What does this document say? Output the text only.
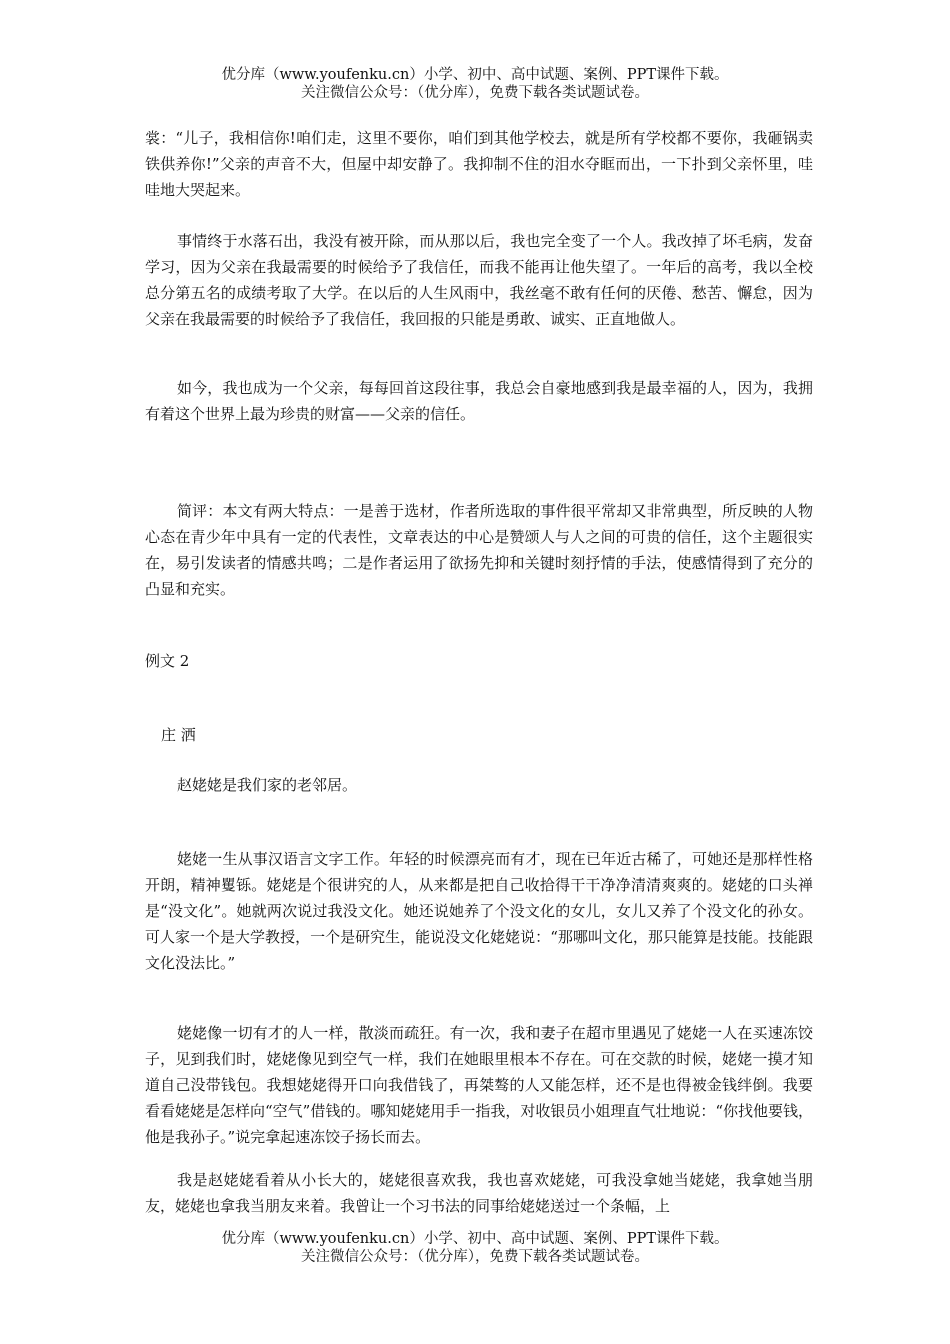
优分库（www.youfenku.cn）小学、初中、高中试题、案例、PPT课件下载。
关注微信公众号：（优分库），免费下载各类试题试卷。

裳：“儿子，我相信你!咱们走，这里不要你，咱们到其他学校去，就是所有学校都不要你，我砸锅卖铁供养你!”父亲的声音不大，但屋中却安静了。我抑制不住的泪水夺眶而出，一下扑到父亲怀里，哇哇地大哭起来。

事情终于水落石出，我没有被开除，而从那以后，我也完全变了一个人。我改掉了坏毛病，发奋学习，因为父亲在我最需要的时候给予了我信任，而我不能再让他失望了。一年后的高考，我以全校总分第五名的成绩考取了大学。在以后的人生风雨中，我丝毫不敢有任何的厌倦、愁苦、懈怠，因为父亲在我最需要的时候给予了我信任，我回报的只能是勇敢、诚实、正直地做人。

如今，我也成为一个父亲，每每回首这段往事，我总会自豪地感到我是最幸福的人，因为，我拥有着这个世界上最为珍贵的财富——父亲的信任。

简评：本文有两大特点：一是善于选材，作者所选取的事件很平常却又非常典型，所反映的人物心态在青少年中具有一定的代表性，文章表达的中心是赞颂人与人之间的可贵的信任，这个主题很实在，易引发读者的情感共鸣；二是作者运用了欲扬先抑和关键时刻抒情的手法，使感情得到了充分的凸显和充实。

例文 2

庄 洒

赵姥姥是我们家的老邻居。

姥姥一生从事汉语言文字工作。年轻的时候漂亮而有才，现在已年近古稀了，可她还是那样性格开朗，精神矍铄。姥姥是个很讲究的人，从来都是把自己收拾得干干净净清清爽爽的。姥姥的口头禅是“没文化”。她就两次说过我没文化。她还说她养了个没文化的女儿，女儿又养了个没文化的孙女。可人家一个是大学教授，一个是研究生，能说没文化姥姥说：“那哪叫文化，那只能算是技能。技能跟文化没法比。”

姥姥像一切有才的人一样，散淡而疏狂。有一次，我和妻子在超市里遇见了姥姥一人在买速冻饺子，见到我们时，姥姥像见到空气一样，我们在她眼里根本不存在。可在交款的时候，姥姥一摸才知道自己没带钱包。我想姥姥得开口向我借钱了，再桀骜的人又能怎样，还不是也得被金钱绊倒。我要看看姥姥是怎样向“空气”借钱的。哪知姥姥用手一指我，对收银员小姐理直气壮地说：“你找他要钱，他是我孙子。”说完拿起速冻饺子扬长而去。

我是赵姥姥看着从小长大的，姥姥很喜欢我，我也喜欢姥姥，可我没拿她当姥姥，我拿她当朋友，姥姥也拿我当朋友来着。我曾让一个习书法的同事给姥姥送过一个条幅，上

优分库（www.youfenku.cn）小学、初中、高中试题、案例、PPT课件下载。
关注微信公众号：（优分库），免费下载各类试题试卷。
